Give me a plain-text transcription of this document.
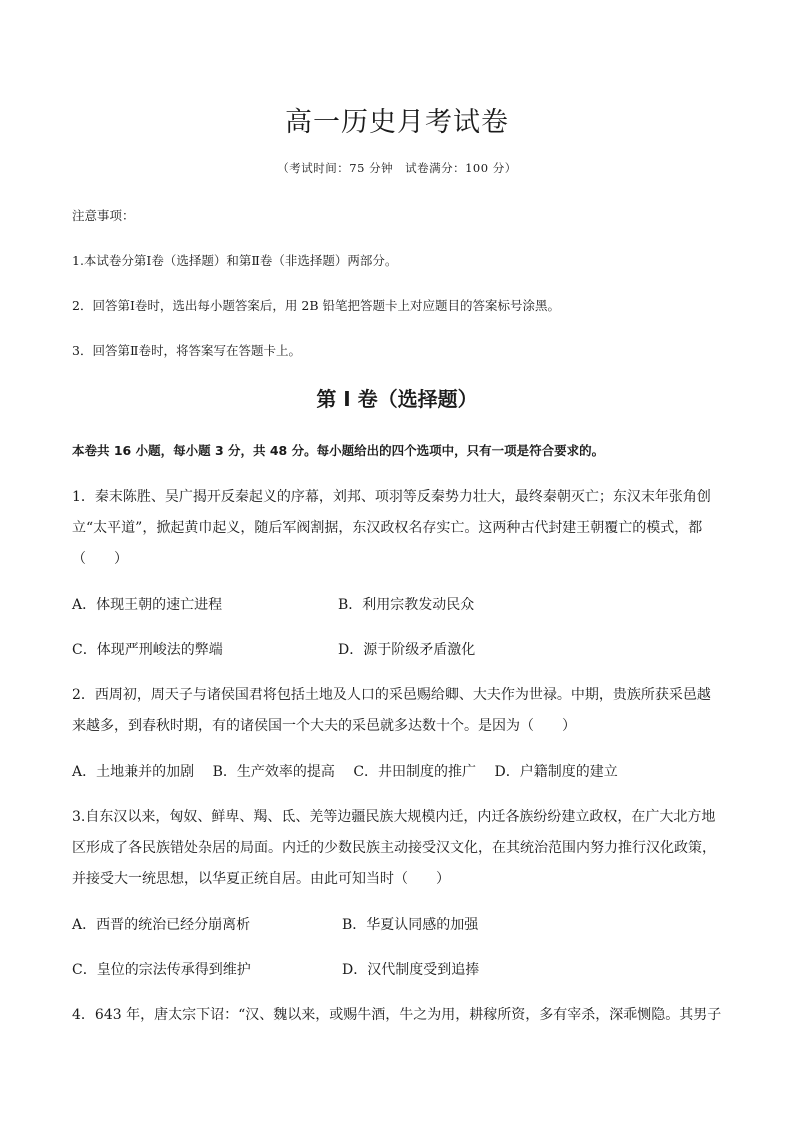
高一历史月考试卷
（考试时间：75 分钟　试卷满分：100 分）
注意事项：
1.本试卷分第Ⅰ卷（选择题）和第Ⅱ卷（非选择题）两部分。
2．回答第Ⅰ卷时，选出每小题答案后，用 2B 铅笔把答题卡上对应题目的答案标号涂黑。
3．回答第Ⅱ卷时，将答案写在答题卡上。
第 I 卷（选择题）
本卷共 16 小题，每小题 3 分，共 48 分。每小题给出的四个选项中，只有一项是符合要求的。
1．秦末陈胜、吴广揭开反秦起义的序幕，刘邦、项羽等反秦势力壮大，最终秦朝灭亡；东汉末年张角创
立“太平道”，掀起黄巾起义，随后军阀割据，东汉政权名存实亡。这两种古代封建王朝覆亡的模式，都
（　　）
A．体现王朝的速亡进程	B．利用宗教发动民众
C．体现严刑峻法的弊端	D．源于阶级矛盾激化
2．西周初，周天子与诸侯国君将包括土地及人口的采邑赐给卿、大夫作为世禄。中期，贵族所获采邑越
来越多，到春秋时期，有的诸侯国一个大夫的采邑就多达数十个。是因为（　　）
A．土地兼并的加剧 B．生产效率的提高 C．井田制度的推广 D．户籍制度的建立
3.自东汉以来，匈奴、鲜卑、羯、氐、羌等边疆民族大规模内迁，内迁各族纷纷建立政权，在广大北方地
区形成了各民族错处杂居的局面。内迁的少数民族主动接受汉文化，在其统治范围内努力推行汉化政策，
并接受大一统思想，以华夏正统自居。由此可知当时（　　）
A．西晋的统治已经分崩离析	B．华夏认同感的加强
C．皇位的宗法传承得到维护	D．汉代制度受到追捧
4．643 年，唐太宗下诏：“汉、魏以来，或赐牛酒，牛之为用，耕稼所资，多有宰杀，深乖恻隐。其男子
